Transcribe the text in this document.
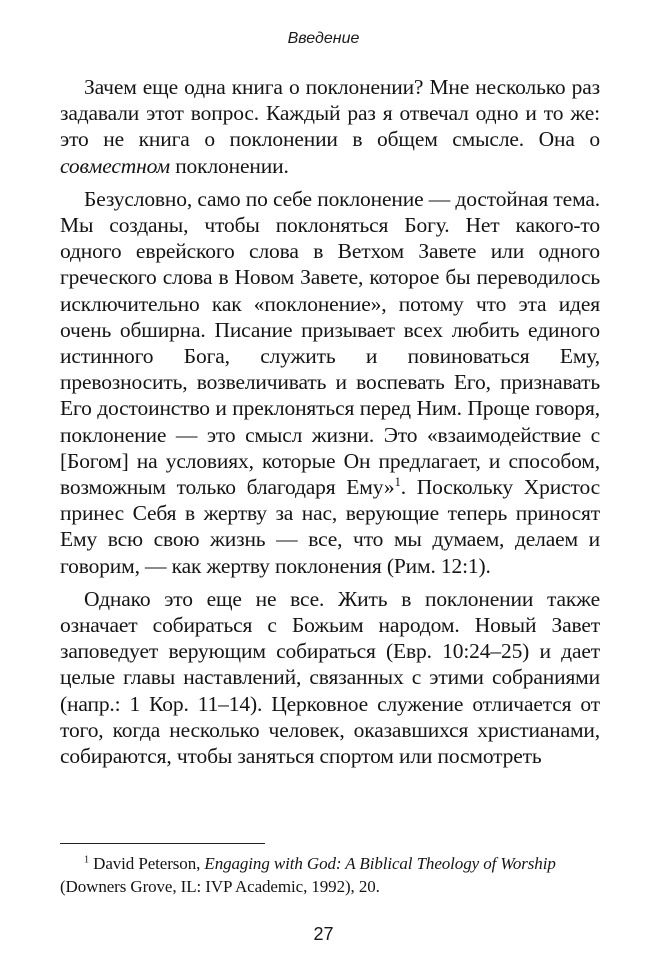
Введение

Зачем еще одна книга о поклонении? Мне несколько раз задавали этот вопрос. Каждый раз я отвечал одно и то же: это не книга о поклонении в общем смысле. Она о совместном поклонении.

Безусловно, само по себе поклонение — достойная тема. Мы созданы, чтобы поклоняться Богу. Нет какого-то одного еврейского слова в Ветхом Завете или одного греческого слова в Новом Завете, которое бы переводилось исключительно как «поклонение», потому что эта идея очень обширна. Писание призывает всех любить единого истинного Бога, служить и повиноваться Ему, превозносить, возвеличивать и воспевать Его, признавать Его достоинство и преклоняться перед Ним. Проще говоря, поклонение — это смысл жизни. Это «взаимодействие с [Богом] на условиях, которые Он предлагает, и способом, возможным только благодаря Ему»$^1$. Поскольку Христос принес Себя в жертву за нас, верующие теперь приносят Ему всю свою жизнь — все, что мы думаем, делаем и говорим, — как жертву поклонения (Рим. 12:1).

Однако это еще не все. Жить в поклонении также означает собираться с Божьим народом. Новый Завет заповедует верующим собираться (Евр. 10:24–25) и дает целые главы наставлений, связанных с этими собраниями (напр.: 1 Кор. 11–14). Церковное служение отличается от того, когда несколько человек, оказавшихся христианами, собираются, чтобы заняться спортом или посмотреть

$^1$ David Peterson, Engaging with God: A Biblical Theology of Worship (Downers Grove, IL: IVP Academic, 1992), 20.
27
